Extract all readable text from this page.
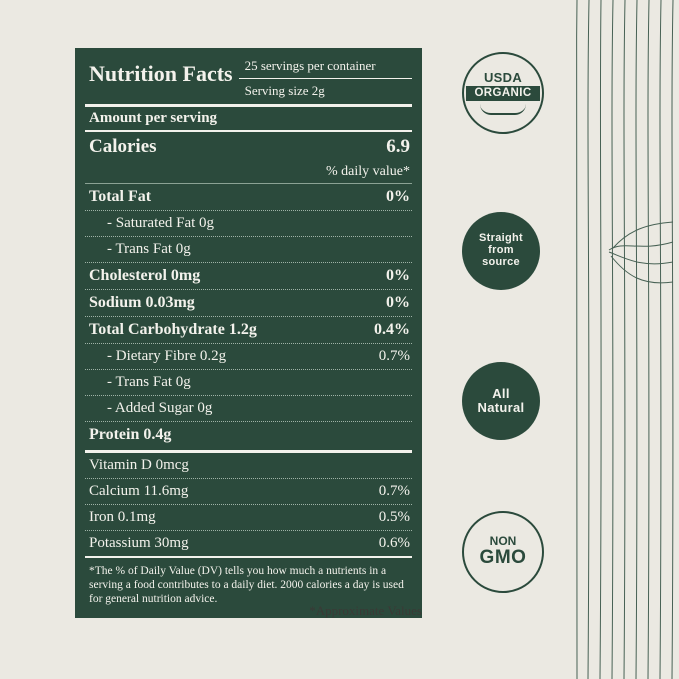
Nutrition Facts 25 servings per container
Serving size 2g
Amount per serving
Calories	6.9
% daily value*
Total Fat	0%
- Saturated Fat 0g
- Trans Fat 0g
Cholesterol 0mg	0%
Sodium 0.03mg	0%
Total Carbohydrate 1.2g	0.4%
- Dietary Fibre 0.2g	0.7%
- Trans Fat 0g
- Added Sugar 0g
Protein 0.4g
Vitamin D 0mcg
Calcium 11.6mg	0.7%
Iron 0.1mg	0.5%
Potassium 30mg	0.6%
*The % of Daily Value (DV) tells you how much a nutrients in a serving a food contributes to a daily diet. 2000 calories a day is used for general nutrition advice.
*Approximate Values
USDA
ORGANIC
Straight
from
source
All
Natural
NON
GMO
